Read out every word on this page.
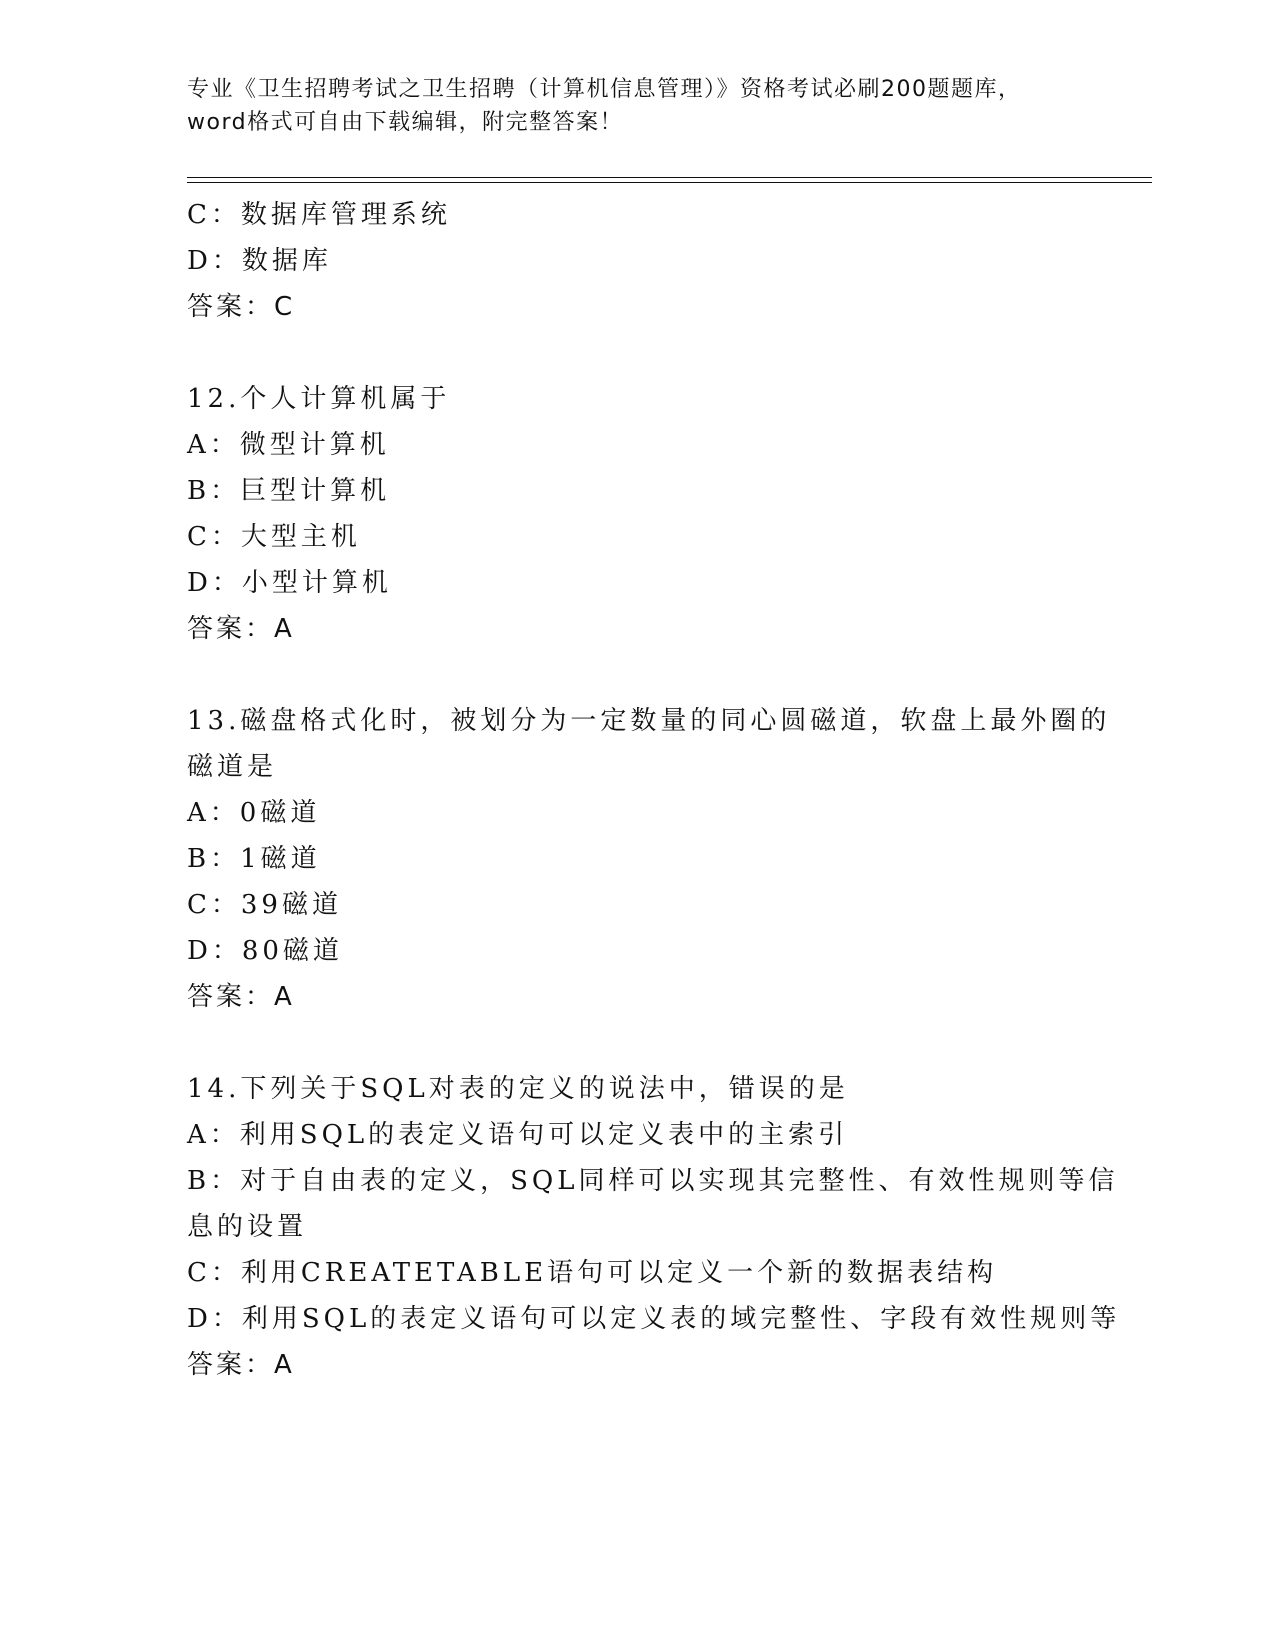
专业《卫生招聘考试之卫生招聘（计算机信息管理）》资格考试必刷200题题库，
word格式可自由下载编辑，附完整答案！
C：数据库管理系统
D：数据库
答案：C
12.个人计算机属于
A：微型计算机
B：巨型计算机
C：大型主机
D：小型计算机
答案：A
13.磁盘格式化时，被划分为一定数量的同心圆磁道，软盘上最外圈的
磁道是
A：0磁道
B：1磁道
C：39磁道
D：80磁道
答案：A
14.下列关于SQL对表的定义的说法中，错误的是
A：利用SQL的表定义语句可以定义表中的主索引
B：对于自由表的定义，SQL同样可以实现其完整性、有效性规则等信
息的设置
C：利用CREATETABLE语句可以定义一个新的数据表结构
D：利用SQL的表定义语句可以定义表的域完整性、字段有效性规则等
答案：A
